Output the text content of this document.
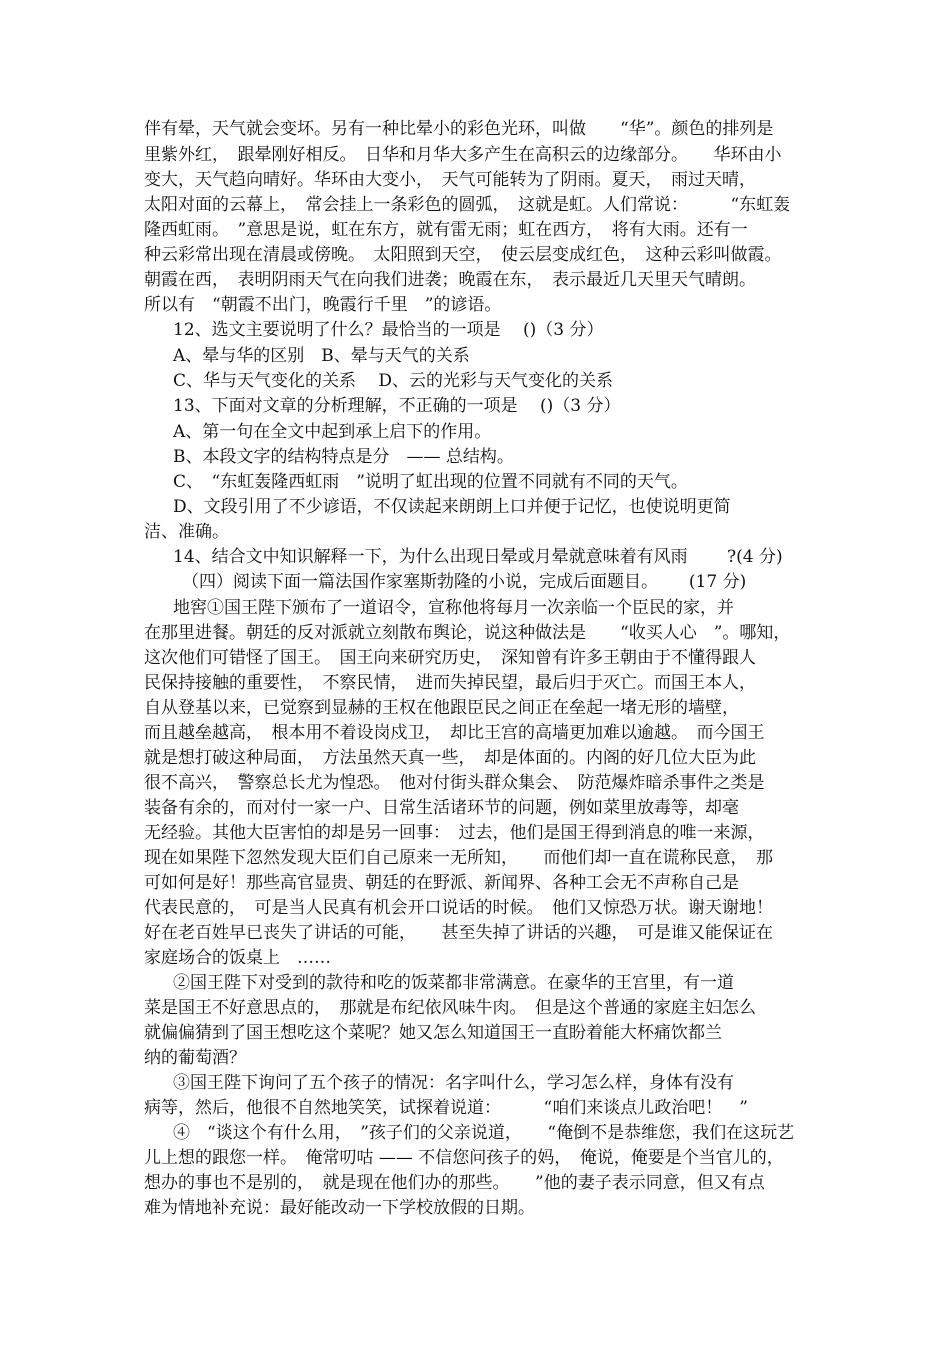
伴有晕，天气就会变坏。另有一种比晕小的彩色光环，叫做　　“华”。颜色的排列是
里紫外红，　跟晕刚好相反。　日华和月华大多产生在高积云的边缘部分。　　华环由小
变大，天气趋向晴好。华环由大变小，　天气可能转为了阴雨。夏天，　雨过天晴，
太阳对面的云幕上，　常会挂上一条彩色的圆弧，　这就是虹。人们常说：　　　“东虹轰
隆西虹雨。　”意思是说，虹在东方，就有雷无雨；虹在西方，　将有大雨。还有一
种云彩常出现在清晨或傍晚。　太阳照到天空，　使云层变成红色，　这种云彩叫做霞。
朝霞在西，　表明阴雨天气在向我们进袭；晚霞在东，　表示最近几天里天气晴朗。
所以有　“朝霞不出门，晚霞行千里　”的谚语。
12、选文主要说明了什么？最恰当的一项是　 ()（3 分）
A、晕与华的区别　B、晕与天气的关系
C、华与天气变化的关系　 D、云的光彩与天气变化的关系
13、下面对文章的分析理解，不正确的一项是　 ()（3 分）
A、第一句在全文中起到承上启下的作用。
B、本段文字的结构特点是分　—— 总结构。
C、　“东虹轰隆西虹雨　”说明了虹出现的位置不同就有不同的天气。
D、文段引用了不少谚语，不仅读起来朗朗上口并便于记忆，也使说明更简
洁、准确。
14、结合文中知识解释一下，为什么出现日晕或月晕就意味着有风雨　　 ?(4 分)
（四）阅读下面一篇法国作家塞斯勃隆的小说，完成后面题目。　　 (17 分)
地窖①国王陛下颁布了一道诏令，宣称他将每月一次亲临一个臣民的家，并
在那里进餐。朝廷的反对派就立刻散布舆论，说这种做法是　　“收买人心　”。哪知，
这次他们可错怪了国王。　国王向来研究历史，　深知曾有许多王朝由于不懂得跟人
民保持接触的重要性，　不察民情，　进而失掉民望，最后归于灭亡。而国王本人，
自从登基以来，已觉察到显赫的王权在他跟臣民之间正在垒起一堵无形的墙壁，
而且越垒越高，　根本用不着设岗戍卫，　却比王宫的高墙更加难以逾越。　而今国王
就是想打破这种局面，　方法虽然天真一些，　却是体面的。内阁的好几位大臣为此
很不高兴，　警察总长尤为惶恐。　他对付街头群众集会、　防范爆炸暗杀事件之类是
装备有余的，而对付一家一户、日常生活诸环节的问题，例如菜里放毒等，却毫
无经验。其他大臣害怕的却是另一回事：　过去，他们是国王得到消息的唯一来源，
现在如果陛下忽然发现大臣们自己原来一无所知，　　而他们却一直在谎称民意，　那
可如何是好！那些高官显贵、朝廷的在野派、新闻界、各种工会无不声称自己是
代表民意的，　可是当人民真有机会开口说话的时候。　他们又惊恐万状。谢天谢地！
好在老百姓早已丧失了讲话的可能，　　甚至失掉了讲话的兴趣，　可是谁又能保证在
家庭场合的饭桌上　……
②国王陛下对受到的款待和吃的饭菜都非常满意。在豪华的王宫里，有一道
菜是国王不好意思点的，　那就是布纪依风味牛肉。　但是这个普通的家庭主妇怎么
就偏偏猜到了国王想吃这个菜呢？她又怎么知道国王一直盼着能大杯痛饮都兰
纳的葡萄酒？
③国王陛下询问了五个孩子的情况：名字叫什么，学习怎么样，身体有没有
病等，然后，他很不自然地笑笑，试探着说道：　　　“咱们来谈点儿政治吧！　”
④　“谈这个有什么用，　”孩子们的父亲说道，　　“俺倒不是恭维您，我们在这玩艺
儿上想的跟您一样。　俺常叨咕 —— 不信您问孩子的妈，　俺说，俺要是个当官儿的，
想办的事也不是别的，　就是现在他们办的那些。　　”他的妻子表示同意，但又有点
难为情地补充说：最好能改动一下学校放假的日期。
